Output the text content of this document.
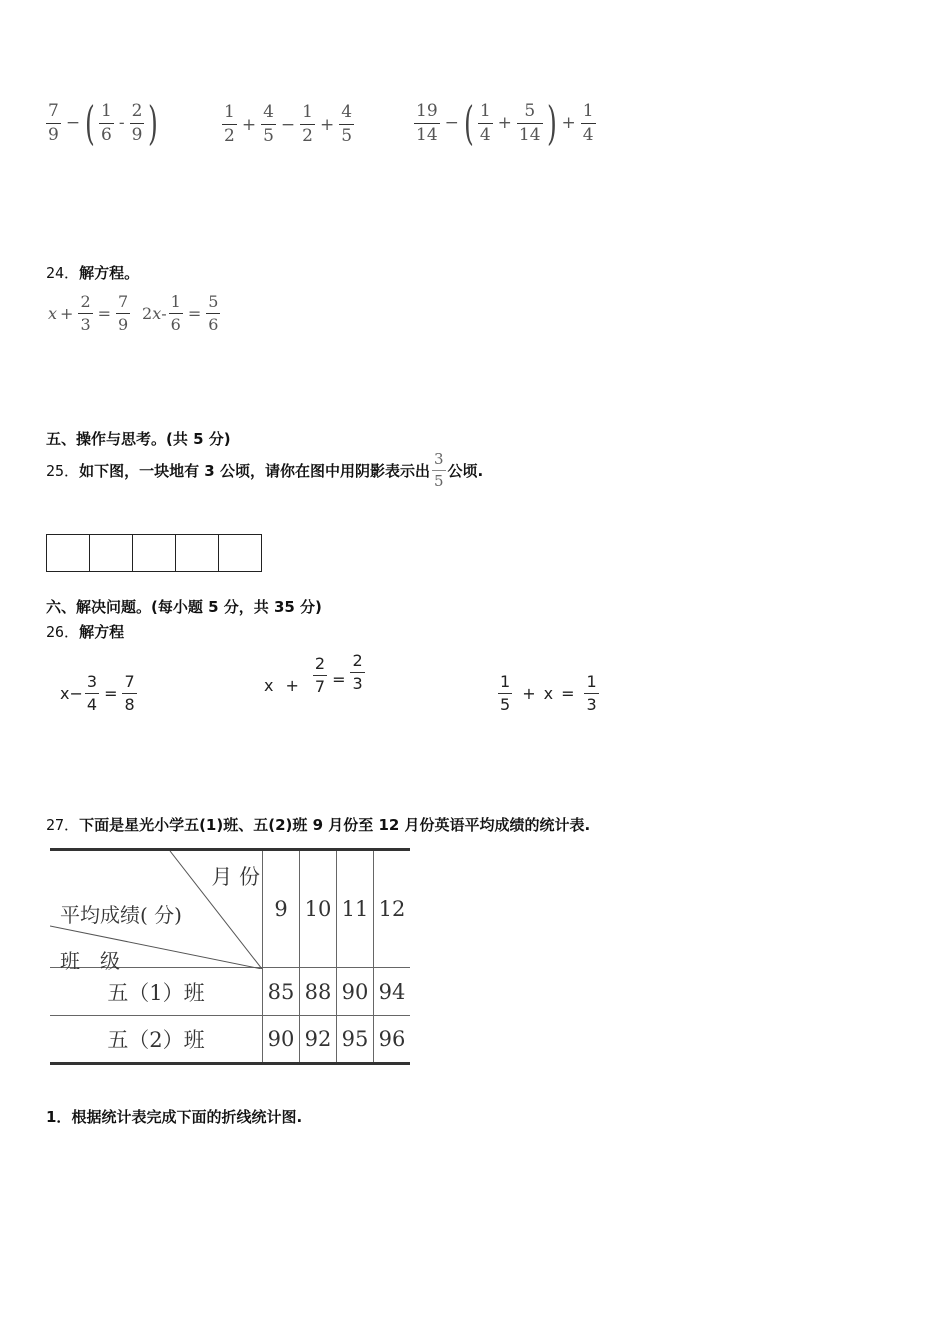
$\frac{7}{9}$ − ( $\frac{1}{6} - \frac{2}{9}$ )	$\frac{1}{2} + \frac{4}{5} - \frac{1}{2} + \frac{4}{5}$	$\frac{19}{14}$ − ( $\frac{1}{4} + \frac{5}{14}$ ) + $\frac{1}{4}$
24．解方程。
$x + \frac{2}{3} = \frac{7}{9} 2$ $x - \frac{1}{6} = \frac{5}{6}$
五、操作与思考。(共 5 分)
25． 如下图，一块地有 3 公顷，请你在图中用阴影表示出 $\frac{3}{5}$ 公顷.
六、解决问题。(每小题 5 分，共 35 分)
26．解方程
$x - \frac{3}{4} = \frac{7}{8}$	$x + \frac{2}{7} = \frac{2}{3}$
$\frac{1}{5} + x = \frac{1}{3}$
27．下面是星光小学五(1)班、五(2)班 9 月份至 12 月份英语平均成绩的统计表.
月 份
平均成绩( 分)
班　级	9	10	11	12
五（1）班	85	88	90	94
五（2）班	90	92	95	96
1．根据统计表完成下面的折线统计图.
